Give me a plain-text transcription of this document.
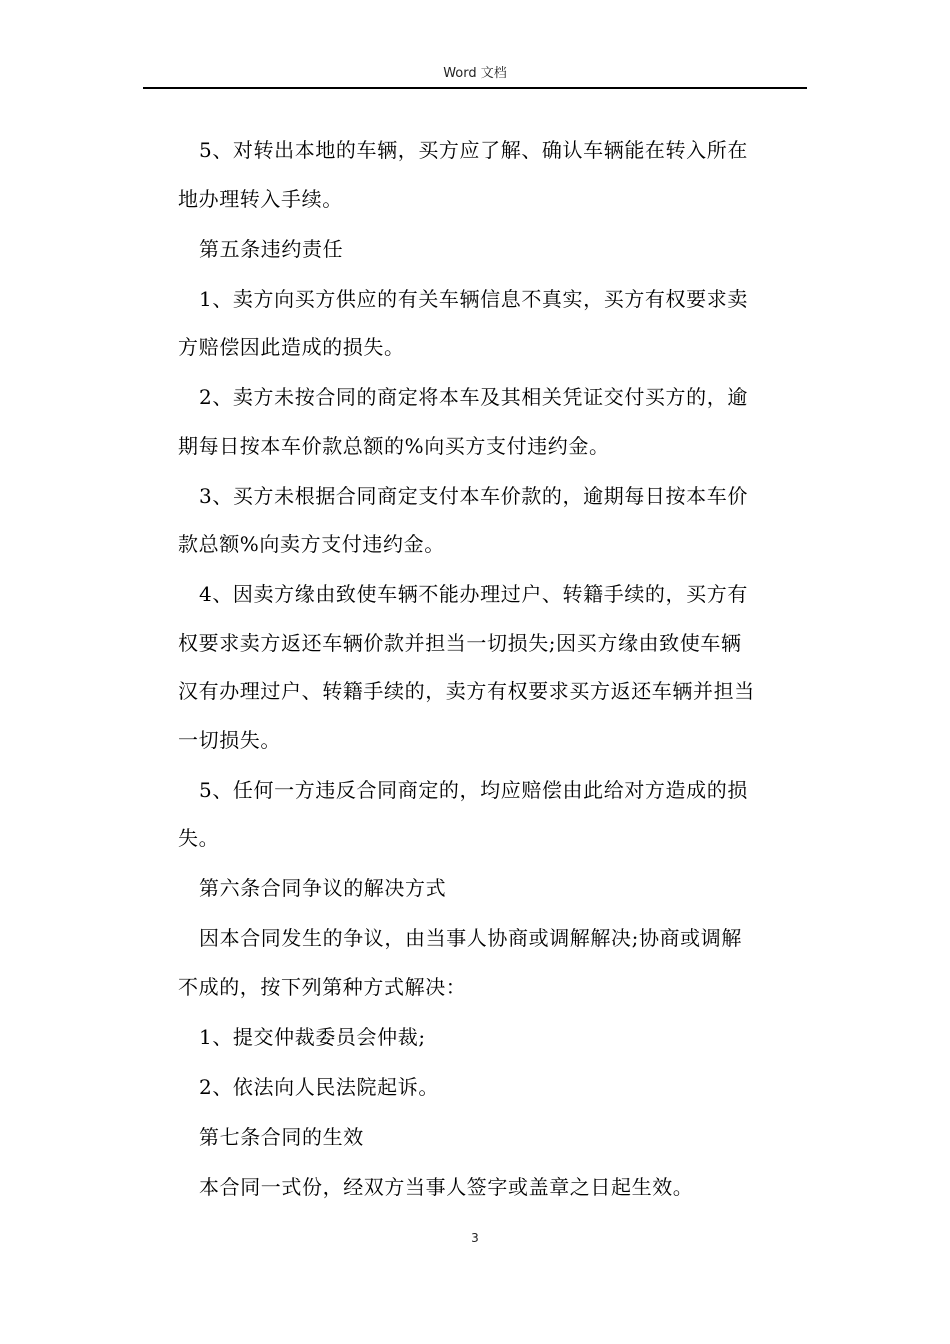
Word 文档

5、对转出本地的车辆，买方应了解、确认车辆能在转入所在

地办理转入手续。

第五条违约责任

1、卖方向买方供应的有关车辆信息不真实，买方有权要求卖

方赔偿因此造成的损失。

2、卖方未按合同的商定将本车及其相关凭证交付买方的，逾

期每日按本车价款总额的%向买方支付违约金。

3、买方未根据合同商定支付本车价款的，逾期每日按本车价

款总额%向卖方支付违约金。

4、因卖方缘由致使车辆不能办理过户、转籍手续的，买方有

权要求卖方返还车辆价款并担当一切损失;因买方缘由致使车辆

汉有办理过户、转籍手续的，卖方有权要求买方返还车辆并担当

一切损失。

5、任何一方违反合同商定的，均应赔偿由此给对方造成的损

失。

第六条合同争议的解决方式

因本合同发生的争议，由当事人协商或调解解决;协商或调解

不成的，按下列第种方式解决：

1、提交仲裁委员会仲裁;

2、依法向人民法院起诉。

第七条合同的生效

本合同一式份，经双方当事人签字或盖章之日起生效。

3
